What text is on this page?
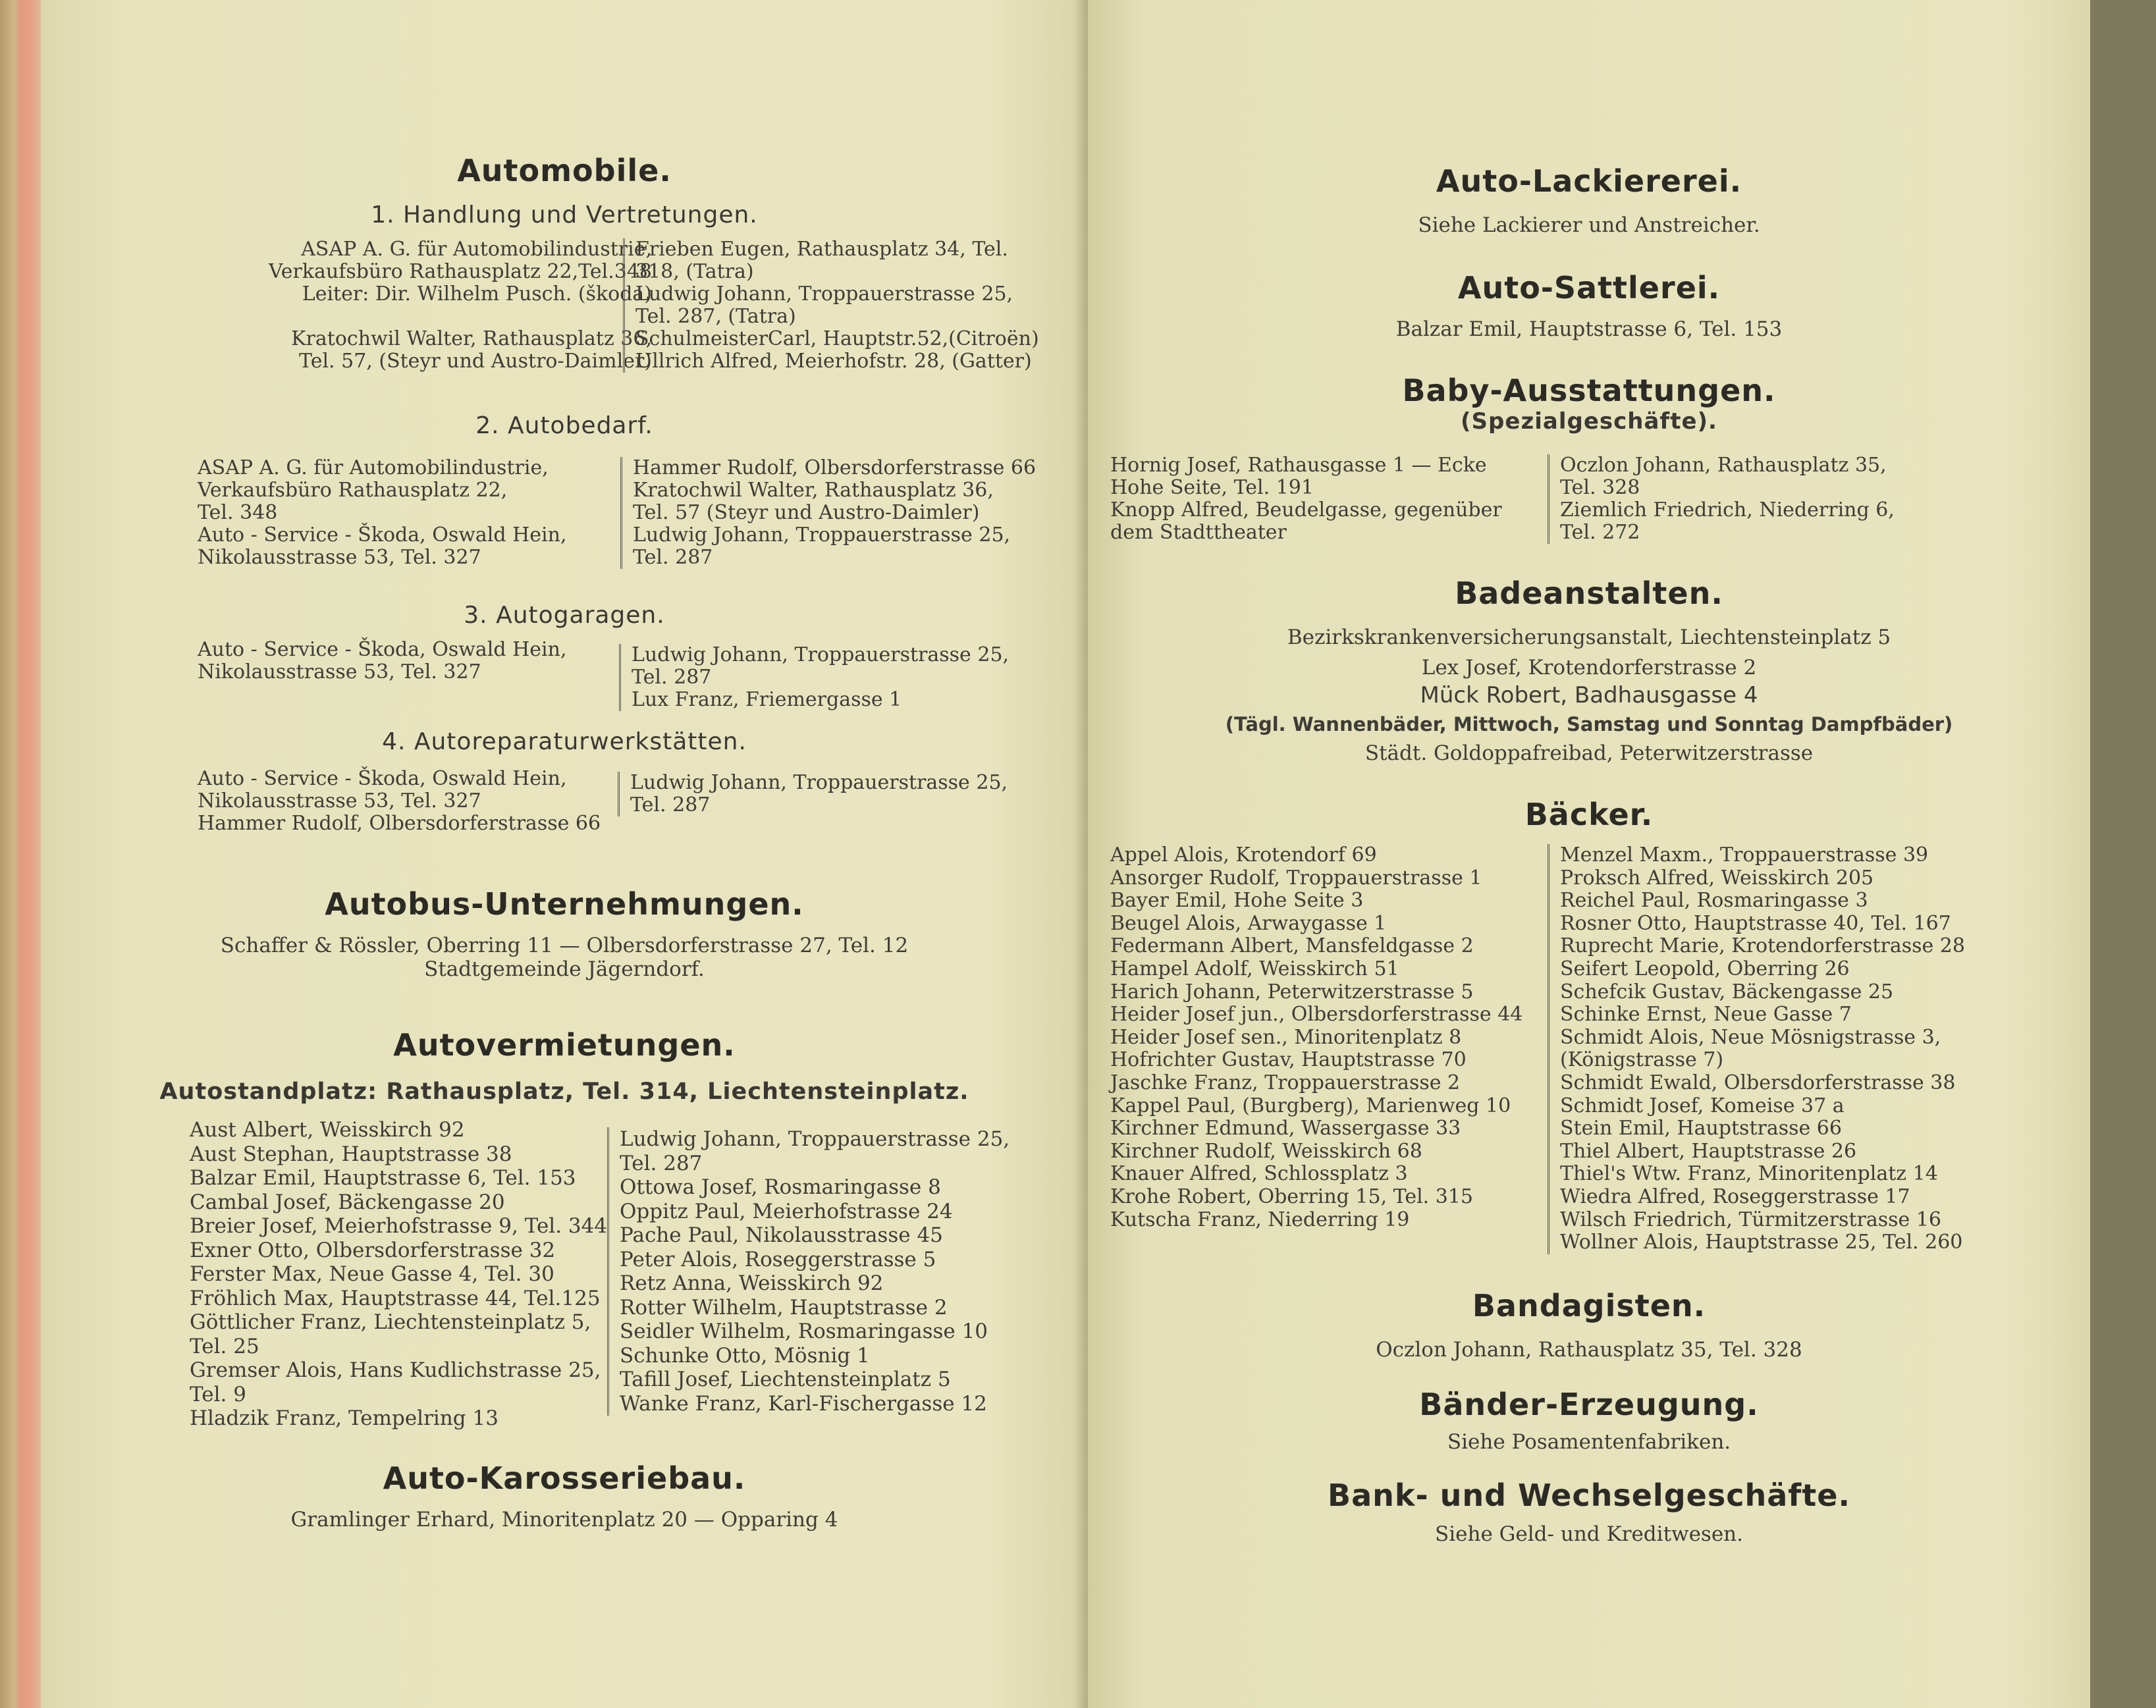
Automobile.
1. Handlung und Vertretungen.
ASAP A. G. für Automobilindustrie,
Verkaufsbüro Rathausplatz 22,Tel.348
Leiter: Dir. Wilhelm Pusch. (škoda)

Kratochwil Walter, Rathausplatz 36,
Tel. 57, (Steyr und Austro-Daimler)
Frieben Eugen, Rathausplatz 34, Tel.
318, (Tatra)
Ludwig Johann, Troppauerstrasse 25,
Tel. 287, (Tatra)
SchulmeisterCarl, Hauptstr.52,(Citroën)
Ullrich Alfred, Meierhofstr. 28, (Gatter)
2. Autobedarf.
ASAP A. G. für Automobilindustrie,
Verkaufsbüro Rathausplatz 22,
Tel. 348
Auto - Service - Škoda, Oswald Hein,
Nikolausstrasse 53, Tel. 327
Hammer Rudolf, Olbersdorferstrasse 66
Kratochwil Walter, Rathausplatz 36,
Tel. 57 (Steyr und Austro-Daimler)
Ludwig Johann, Troppauerstrasse 25,
Tel. 287
3. Autogaragen.
Auto - Service - Škoda, Oswald Hein,
Nikolausstrasse 53, Tel. 327
Ludwig Johann, Troppauerstrasse 25,
Tel. 287
Lux Franz, Friemergasse 1
4. Autoreparaturwerkstätten.
Auto - Service - Škoda, Oswald Hein,
Nikolausstrasse 53, Tel. 327
Hammer Rudolf, Olbersdorferstrasse 66
Ludwig Johann, Troppauerstrasse 25,
Tel. 287
Autobus-Unternehmungen.
Schaffer & Rössler, Oberring 11 — Olbersdorferstrasse 27, Tel. 12
Stadtgemeinde Jägerndorf.
Autovermietungen.
Autostandplatz: Rathausplatz, Tel. 314, Liechtensteinplatz.
Aust Albert, Weisskirch 92
Aust Stephan, Hauptstrasse 38
Balzar Emil, Hauptstrasse 6, Tel. 153
Cambal Josef, Bäckengasse 20
Breier Josef, Meierhofstrasse 9, Tel. 344
Exner Otto, Olbersdorferstrasse 32
Ferster Max, Neue Gasse 4, Tel. 30
Fröhlich Max, Hauptstrasse 44, Tel.125
Göttlicher Franz, Liechtensteinplatz 5,
Tel. 25
Gremser Alois, Hans Kudlichstrasse 25,
Tel. 9
Hladzik Franz, Tempelring 13
Ludwig Johann, Troppauerstrasse 25,
Tel. 287
Ottowa Josef, Rosmaringasse 8
Oppitz Paul, Meierhofstrasse 24
Pache Paul, Nikolausstrasse 45
Peter Alois, Roseggerstrasse 5
Retz Anna, Weisskirch 92
Rotter Wilhelm, Hauptstrasse 2
Seidler Wilhelm, Rosmaringasse 10
Schunke Otto, Mösnig 1
Tafill Josef, Liechtensteinplatz 5
Wanke Franz, Karl-Fischergasse 12
Auto-Karosseriebau.
Gramlinger Erhard, Minoritenplatz 20 — Opparing 4
Auto-Lackiererei.
Siehe Lackierer und Anstreicher.
Auto-Sattlerei.
Balzar Emil, Hauptstrasse 6, Tel. 153
Baby-Ausstattungen.
(Spezialgeschäfte).
Hornig Josef, Rathausgasse 1 — Ecke
Hohe Seite, Tel. 191
Knopp Alfred, Beudelgasse, gegenüber
dem Stadttheater
Oczlon Johann, Rathausplatz 35,
Tel. 328
Ziemlich Friedrich, Niederring 6,
Tel. 272
Badeanstalten.
Bezirkskrankenversicherungsanstalt, Liechtensteinplatz 5
Lex Josef, Krotendorferstrasse 2
Mück Robert, Badhausgasse 4
(Tägl. Wannenbäder, Mittwoch, Samstag und Sonntag Dampfbäder)
Städt. Goldoppafreibad, Peterwitzerstrasse
Bäcker.
Appel Alois, Krotendorf 69
Ansorger Rudolf, Troppauerstrasse 1
Bayer Emil, Hohe Seite 3
Beugel Alois, Arwaygasse 1
Federmann Albert, Mansfeldgasse 2
Hampel Adolf, Weisskirch 51
Harich Johann, Peterwitzerstrasse 5
Heider Josef jun., Olbersdorferstrasse 44
Heider Josef sen., Minoritenplatz 8
Hofrichter Gustav, Hauptstrasse 70
Jaschke Franz, Troppauerstrasse 2
Kappel Paul, (Burgberg), Marienweg 10
Kirchner Edmund, Wassergasse 33
Kirchner Rudolf, Weisskirch 68
Knauer Alfred, Schlossplatz 3
Krohe Robert, Oberring 15, Tel. 315
Kutscha Franz, Niederring 19
Menzel Maxm., Troppauerstrasse 39
Proksch Alfred, Weisskirch 205
Reichel Paul, Rosmaringasse 3
Rosner Otto, Hauptstrasse 40, Tel. 167
Ruprecht Marie, Krotendorferstrasse 28
Seifert Leopold, Oberring 26
Schefcik Gustav, Bäckengasse 25
Schinke Ernst, Neue Gasse 7
Schmidt Alois, Neue Mösnigstrasse 3,
(Königstrasse 7)
Schmidt Ewald, Olbersdorferstrasse 38
Schmidt Josef, Komeise 37 a
Stein Emil, Hauptstrasse 66
Thiel Albert, Hauptstrasse 26
Thiel's Wtw. Franz, Minoritenplatz 14
Wiedra Alfred, Roseggerstrasse 17
Wilsch Friedrich, Türmitzerstrasse 16
Wollner Alois, Hauptstrasse 25, Tel. 260
Bandagisten.
Oczlon Johann, Rathausplatz 35, Tel. 328
Bänder-Erzeugung.
Siehe Posamentenfabriken.
Bank- und Wechselgeschäfte.
Siehe Geld- und Kreditwesen.
